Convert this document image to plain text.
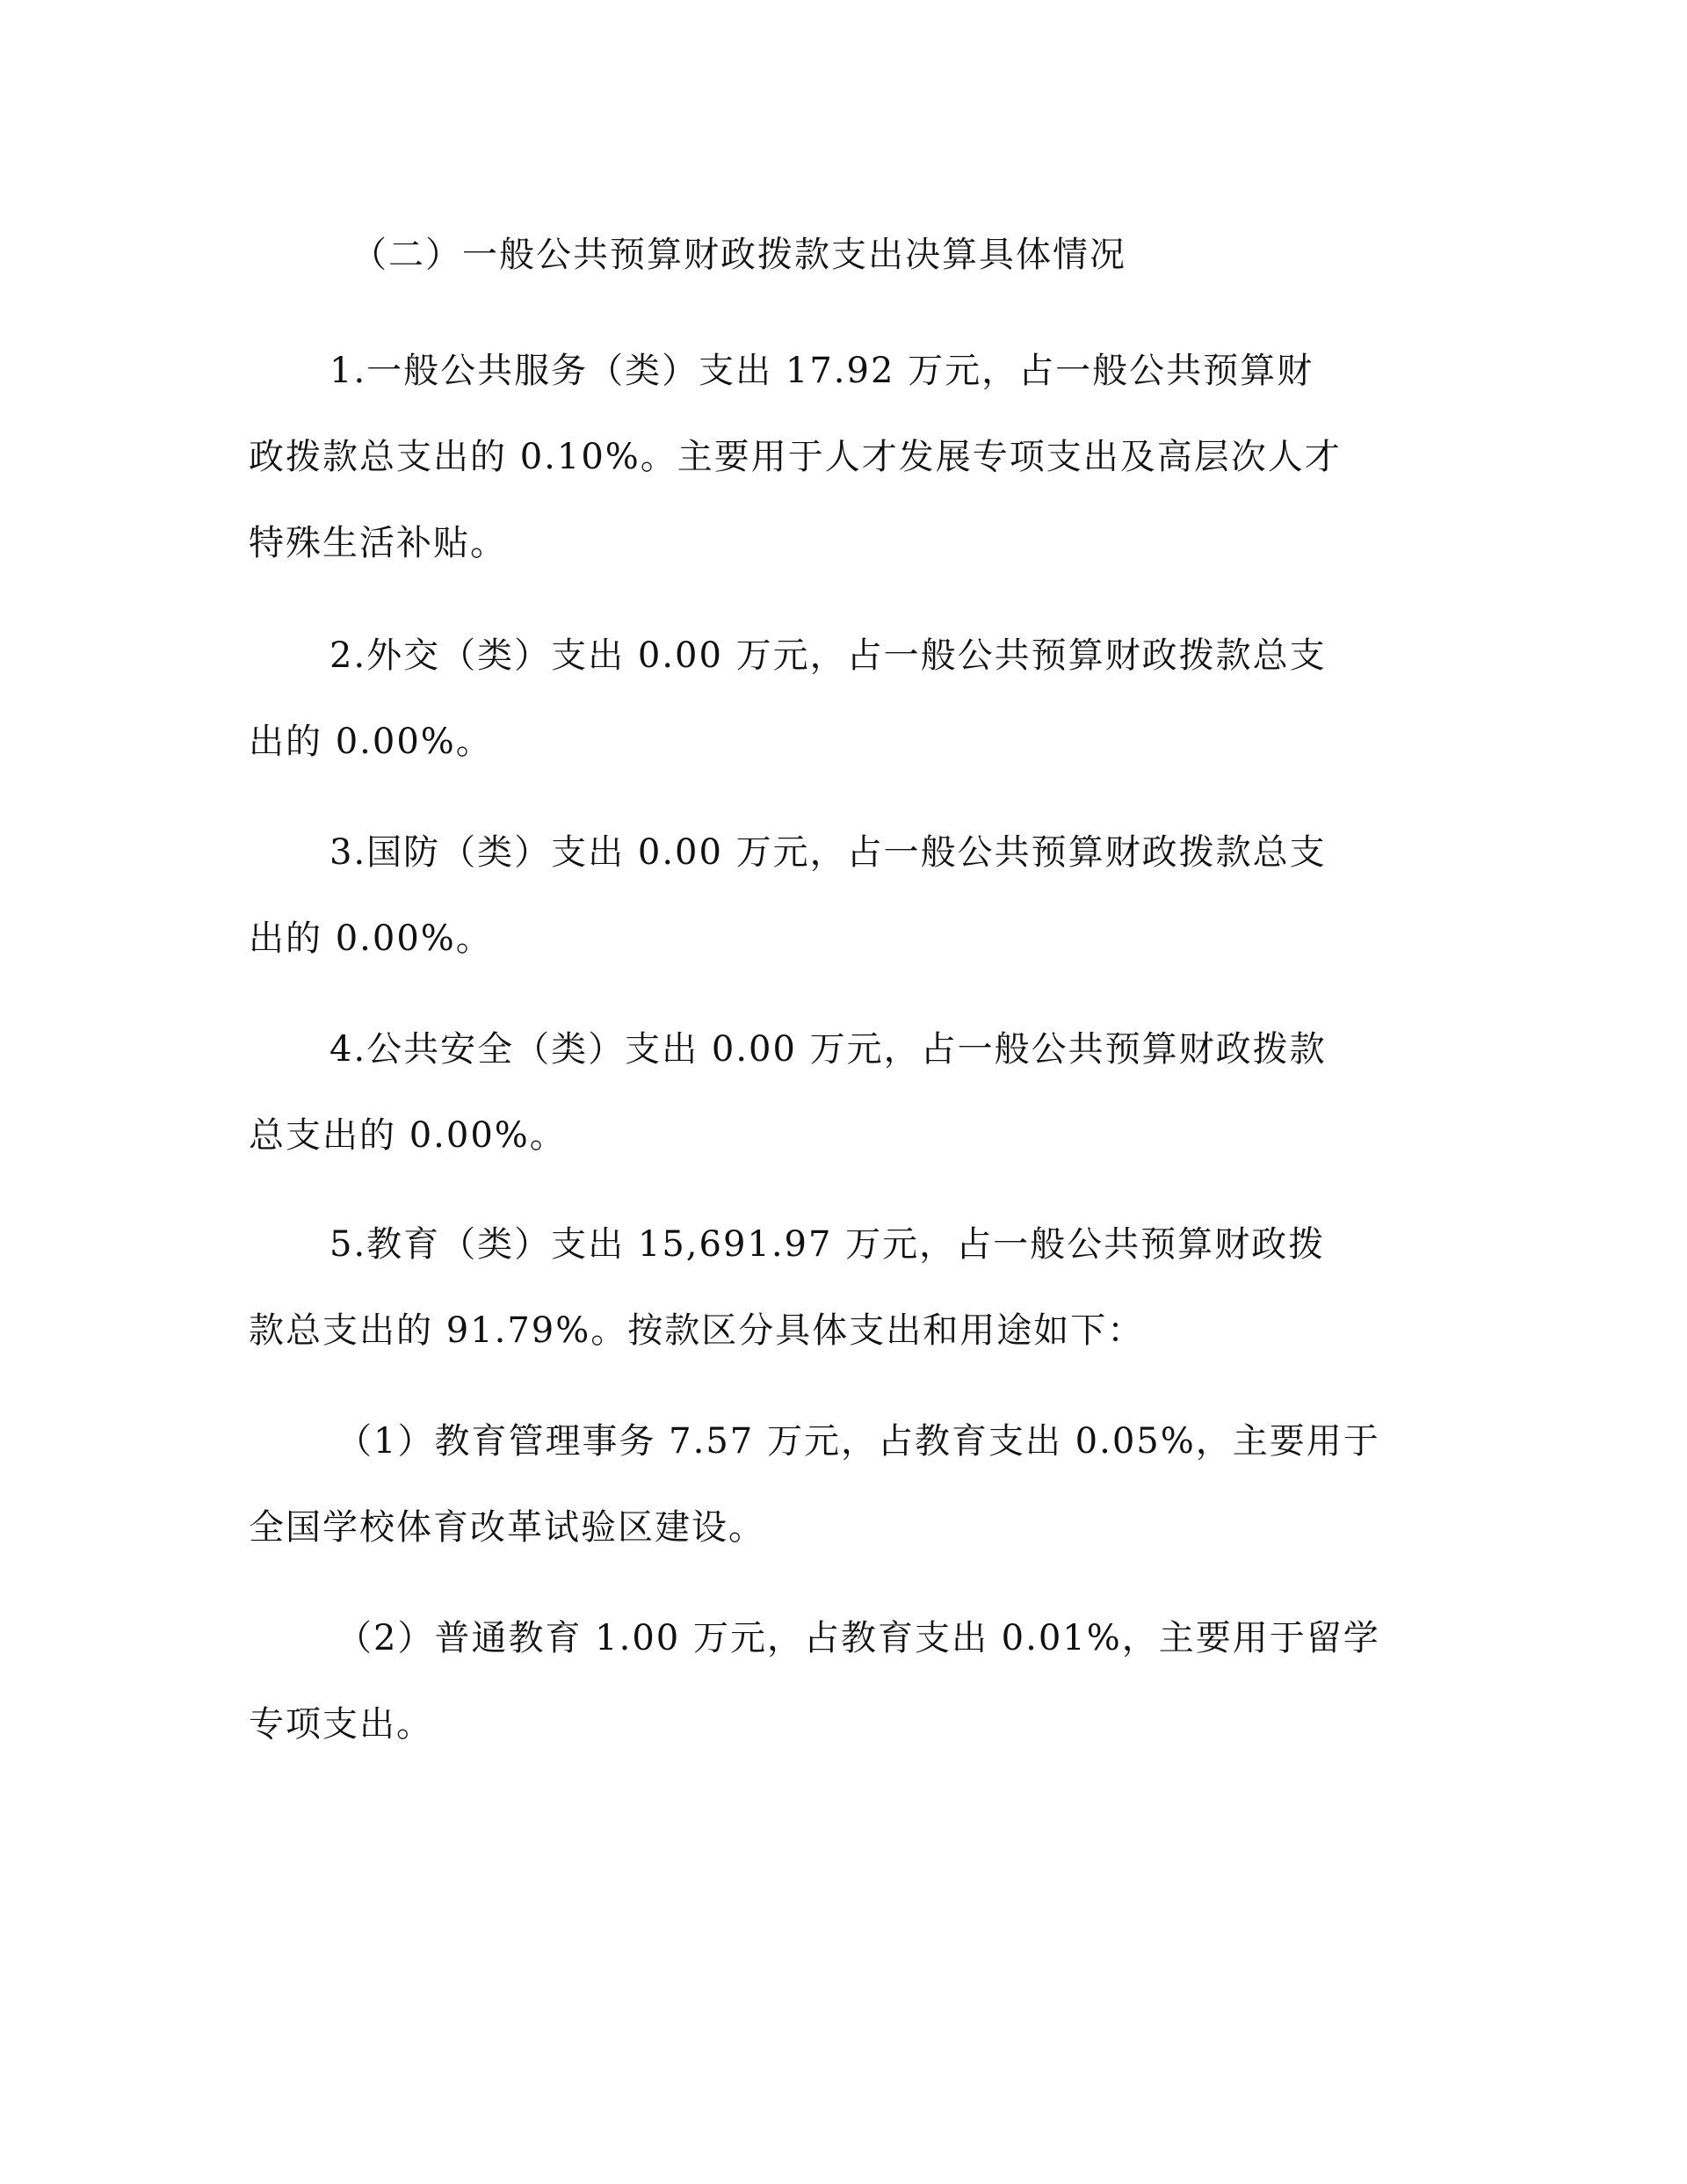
（二）一般公共预算财政拨款支出决算具体情况
1.一般公共服务（类）支出 17.92 万元，占一般公共预算财
政拨款总支出的 0.10%。主要用于人才发展专项支出及高层次人才
特殊生活补贴。
2.外交（类）支出 0.00 万元，占一般公共预算财政拨款总支
出的 0.00%。
3.国防（类）支出 0.00 万元，占一般公共预算财政拨款总支
出的 0.00%。
4.公共安全（类）支出 0.00 万元，占一般公共预算财政拨款
总支出的 0.00%。
5.教育（类）支出 15,691.97 万元，占一般公共预算财政拨
款总支出的 91.79%。按款区分具体支出和用途如下：
（1）教育管理事务 7.57 万元，占教育支出 0.05%，主要用于
全国学校体育改革试验区建设。
（2）普通教育 1.00 万元，占教育支出 0.01%，主要用于留学
专项支出。
